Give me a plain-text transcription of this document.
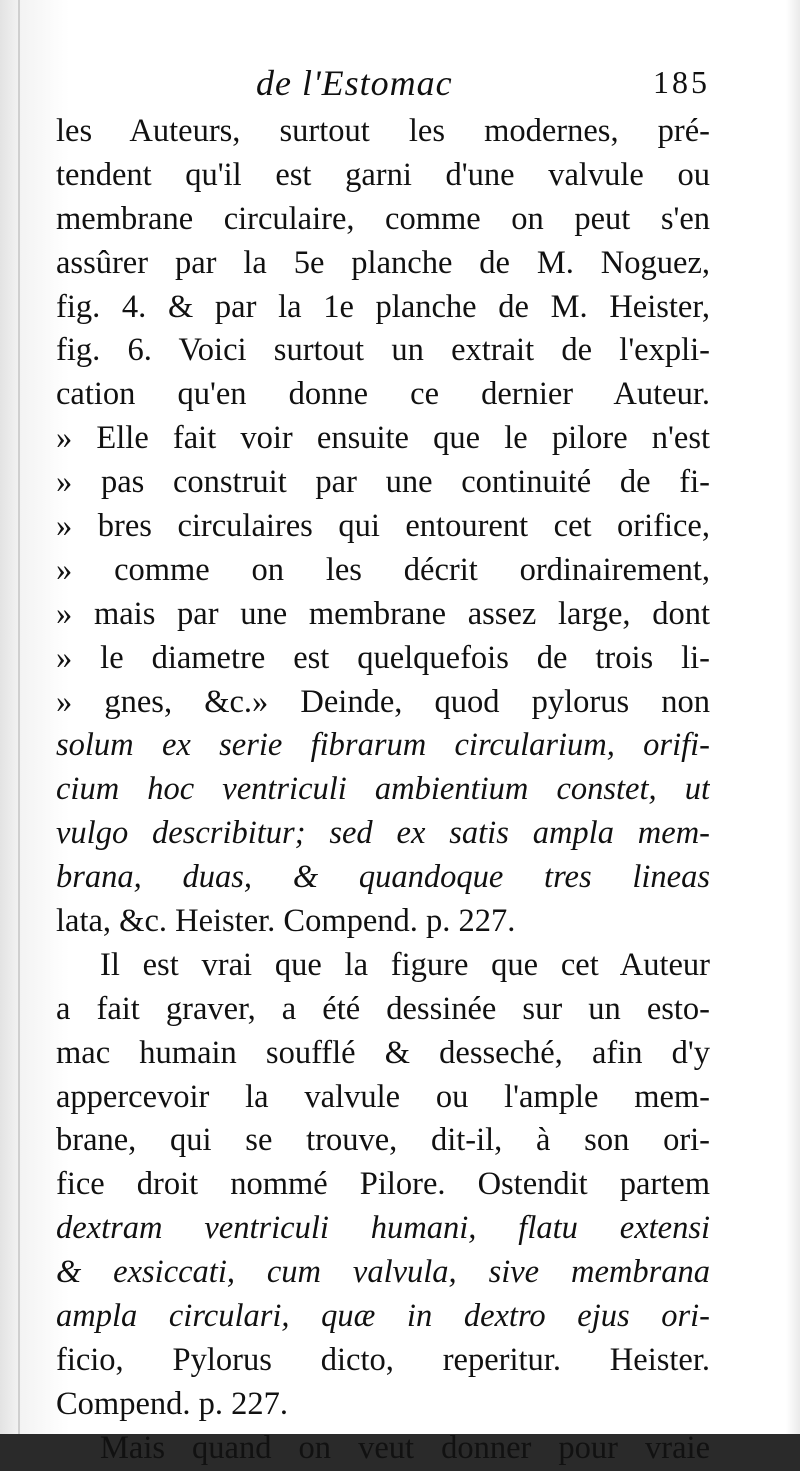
de l'Estomac	185
les Auteurs, surtout les modernes, pré-
tendent qu'il est garni d'une valvule ou
membrane circulaire, comme on peut s'en
assûrer par la 5e planche de M. Noguez,
fig. 4. & par la 1e planche de M. Heister,
fig. 6. Voici surtout un extrait de l'expli-
cation qu'en donne ce dernier Auteur.
» Elle fait voir ensuite que le pilore n'est
» pas construit par une continuité de fi-
» bres circulaires qui entourent cet orifice,
» comme on les décrit ordinairement,
» mais par une membrane assez large, dont
» le diametre est quelquefois de trois li-
» gnes, &c.» Deinde, quod pylorus non
solum ex serie fibrarum circularium, orifi-
cium hoc ventriculi ambientium constet, ut
vulgo describitur; sed ex satis ampla mem-
brana, duas, & quandoque tres lineas
lata, &c. Heister. Compend. p. 227.
Il est vrai que la figure que cet Auteur
a fait graver, a été dessinée sur un esto-
mac humain soufflé & desseché, afin d'y
appercevoir la valvule ou l'ample mem-
brane, qui se trouve, dit-il, à son ori-
fice droit nommé Pilore. Ostendit partem
dextram ventriculi humani, flatu extensi
& exsiccati, cum valvula, sive membrana
ampla circulari, quæ in dextro ejus ori-
ficio, Pylorus dicto, reperitur. Heister.
Compend. p. 227.
Mais quand on veut donner pour vraie
